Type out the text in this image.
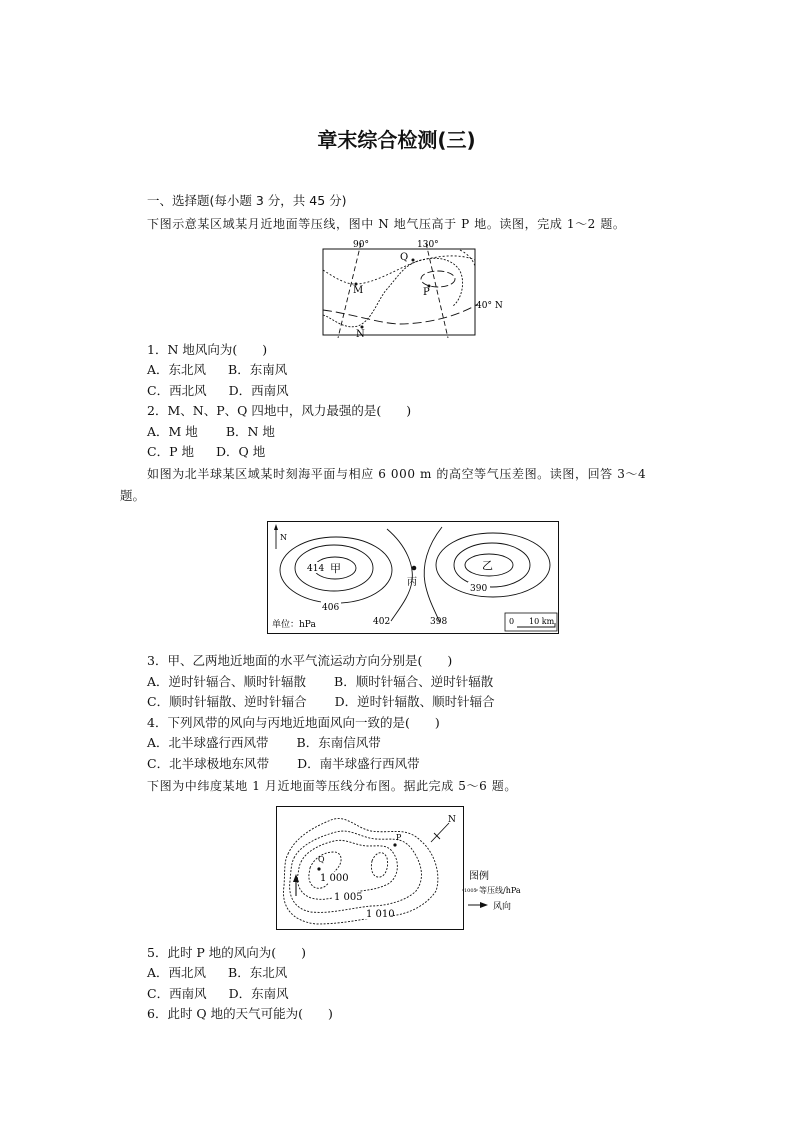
章末综合检测(三)
一、选择题(每小题 3 分，共 45 分)
下图示意某区域某月近地面等压线，图中 N 地气压高于 P 地。读图，完成 1～2 题。
90°	130°
40° N
M
N
P
Q
1．N 地风向为(　　)
A．东北风 B．东南风
C．西北风 D．西南风
2．M、N、P、Q 四地中，风力最强的是(　　)
A．M 地 B．N 地
C．P 地 D．Q 地
如图为北半球某区域某时刻海平面与相应 6 000 m 的高空等气压差图。读图，回答 3～4
题。
N
414 甲
406
402	398
丙
乙
390
单位：hPa	0 10 km
3．甲、乙两地近地面的水平气流运动方向分别是(　　)
A．逆时针辐合、顺时针辐散 B．顺时针辐合、逆时针辐散
C．顺时针辐散、逆时针辐合 D．逆时针辐散、顺时针辐合
4．下列风带的风向与丙地近地面风向一致的是(　　)
A．北半球盛行西风带 B．东南信风带
C．北半球极地东风带 D．南半球盛行西风带
下图为中纬度某地 1 月近地面等压线分布图。据此完成 5～6 题。
N
Q
P
1 000
1 005
1 010
图例
1005 等压线/hPa
风向
5．此时 P 地的风向为(　　)
A．西北风 B．东北风
C．西南风 D．东南风
6．此时 Q 地的天气可能为(　　)
